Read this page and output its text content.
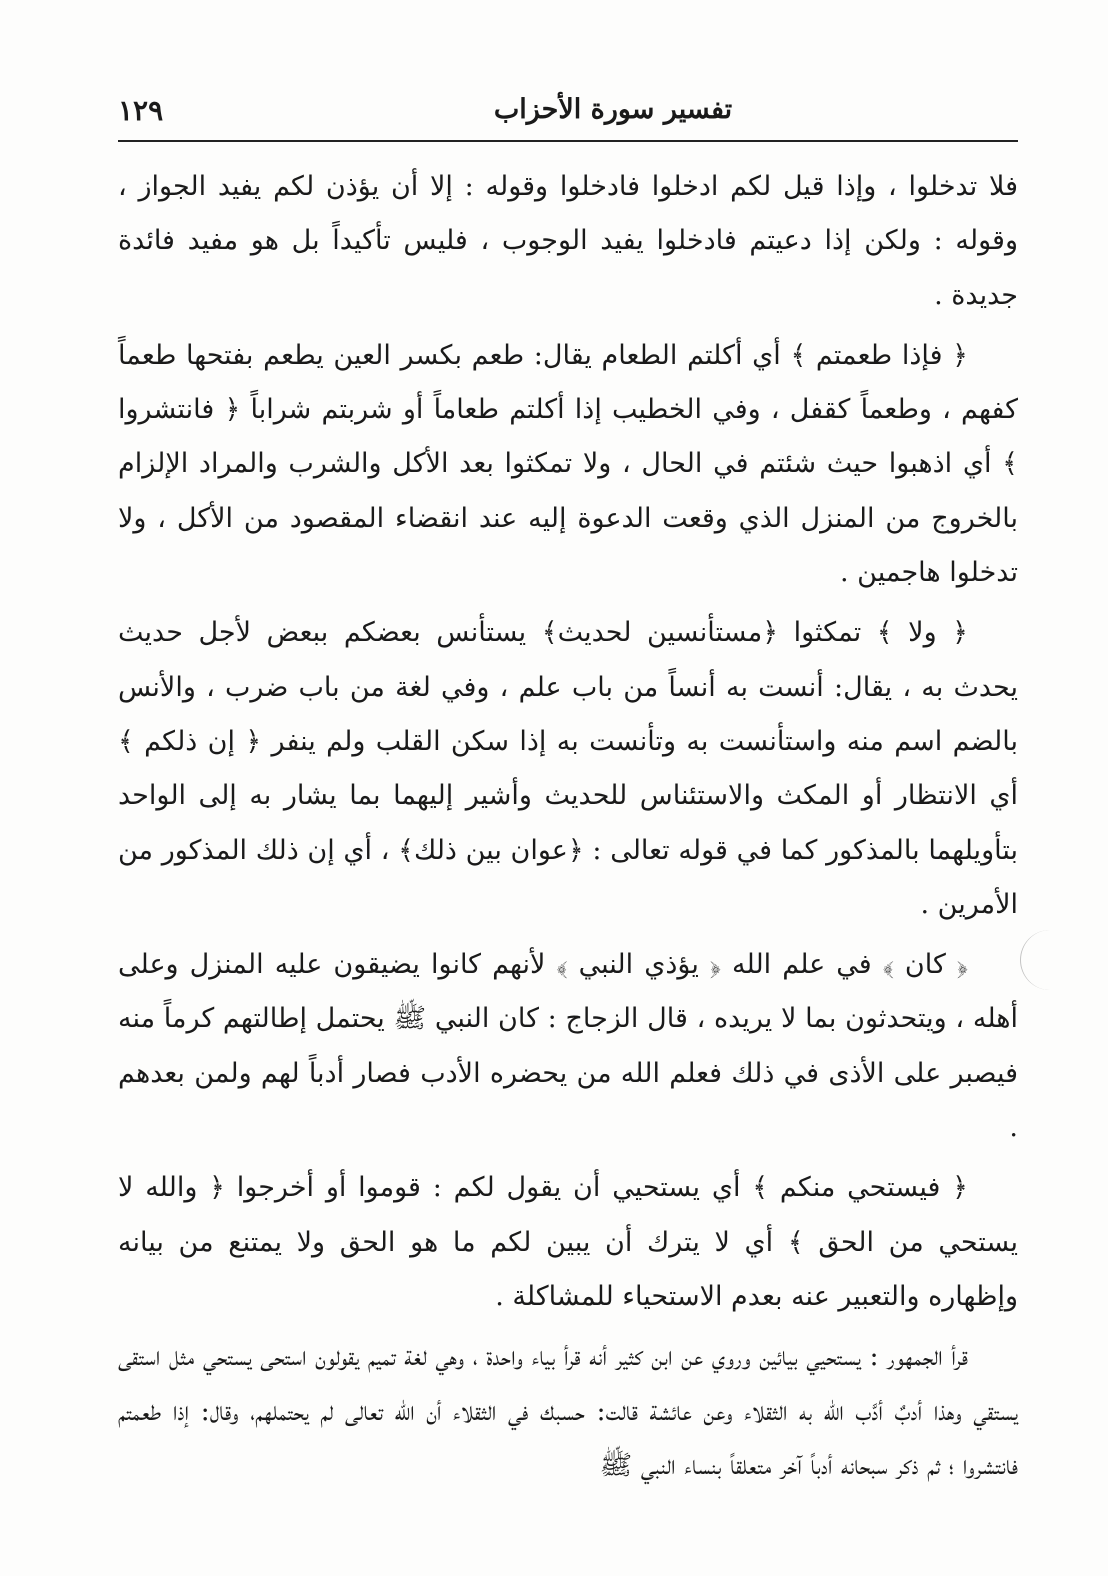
تفسير سورة الأحزاب
١٢٩

فلا تدخلوا ، وإذا قيل لكم ادخلوا فادخلوا وقوله : إلا أن يؤذن لكم يفيد الجواز ، وقوله : ولكن إذا دعيتم فادخلوا يفيد الوجوب ، فليس تأكيداً بل هو مفيد فائدة جديدة .

﴿ فإذا طعمتم ﴾ أي أكلتم الطعام يقال: طعم بكسر العين يطعم بفتحها طعماً كفهم ، وطعماً كقفل ، وفي الخطيب إذا أكلتم طعاماً أو شربتم شراباً ﴿ فانتشروا ﴾ أي اذهبوا حيث شئتم في الحال ، ولا تمكثوا بعد الأكل والشرب والمراد الإلزام بالخروج من المنزل الذي وقعت الدعوة إليه عند انقضاء المقصود من الأكل ، ولا تدخلوا هاجمين .

﴿ ولا ﴾ تمكثوا ﴿مستأنسين لحديث﴾ يستأنس بعضكم ببعض لأجل حديث يحدث به ، يقال: أنست به أنساً من باب علم ، وفي لغة من باب ضرب ، والأنس بالضم اسم منه واستأنست به وتأنست به إذا سكن القلب ولم ينفر ﴿ إن ذلكم ﴾ أي الانتظار أو المكث والاستئناس للحديث وأشير إليهما بما يشار به إلى الواحد بتأويلهما بالمذكور كما في قوله تعالى : ﴿عوان بين ذلك﴾ ، أي إن ذلك المذكور من الأمرين .

﴿ كان ﴾ في علم الله ﴿ يؤذي النبي ﴾ لأنهم كانوا يضيقون عليه المنزل وعلى أهله ، ويتحدثون بما لا يريده ، قال الزجاج : كان النبي ﷺ يحتمل إطالتهم كرماً منه فيصبر على الأذى في ذلك فعلم الله من يحضره الأدب فصار أدباً لهم ولمن بعدهم .

﴿ فيستحي منكم ﴾ أي يستحيي أن يقول لكم : قوموا أو أخرجوا ﴿ والله لا يستحي من الحق ﴾ أي لا يترك أن يبين لكم ما هو الحق ولا يمتنع من بيانه وإظهاره والتعبير عنه بعدم الاستحياء للمشاكلة .

قرأ الجمهور : يستحيي بيائين وروي عن ابن كثير أنه قرأ بياء واحدة ، وهي لغة تميم يقولون استحى يستحي مثل استقى يستقي وهذا أدبٌ أدَّب الله به الثقلاء وعن عائشة قالت: حسبك في الثقلاء أن الله تعالى لم يحتملهم، وقال: إذا طعمتم فانتشروا ؛ ثم ذكر سبحانه أدباً آخر متعلقاً بنساء النبي ﷺ
